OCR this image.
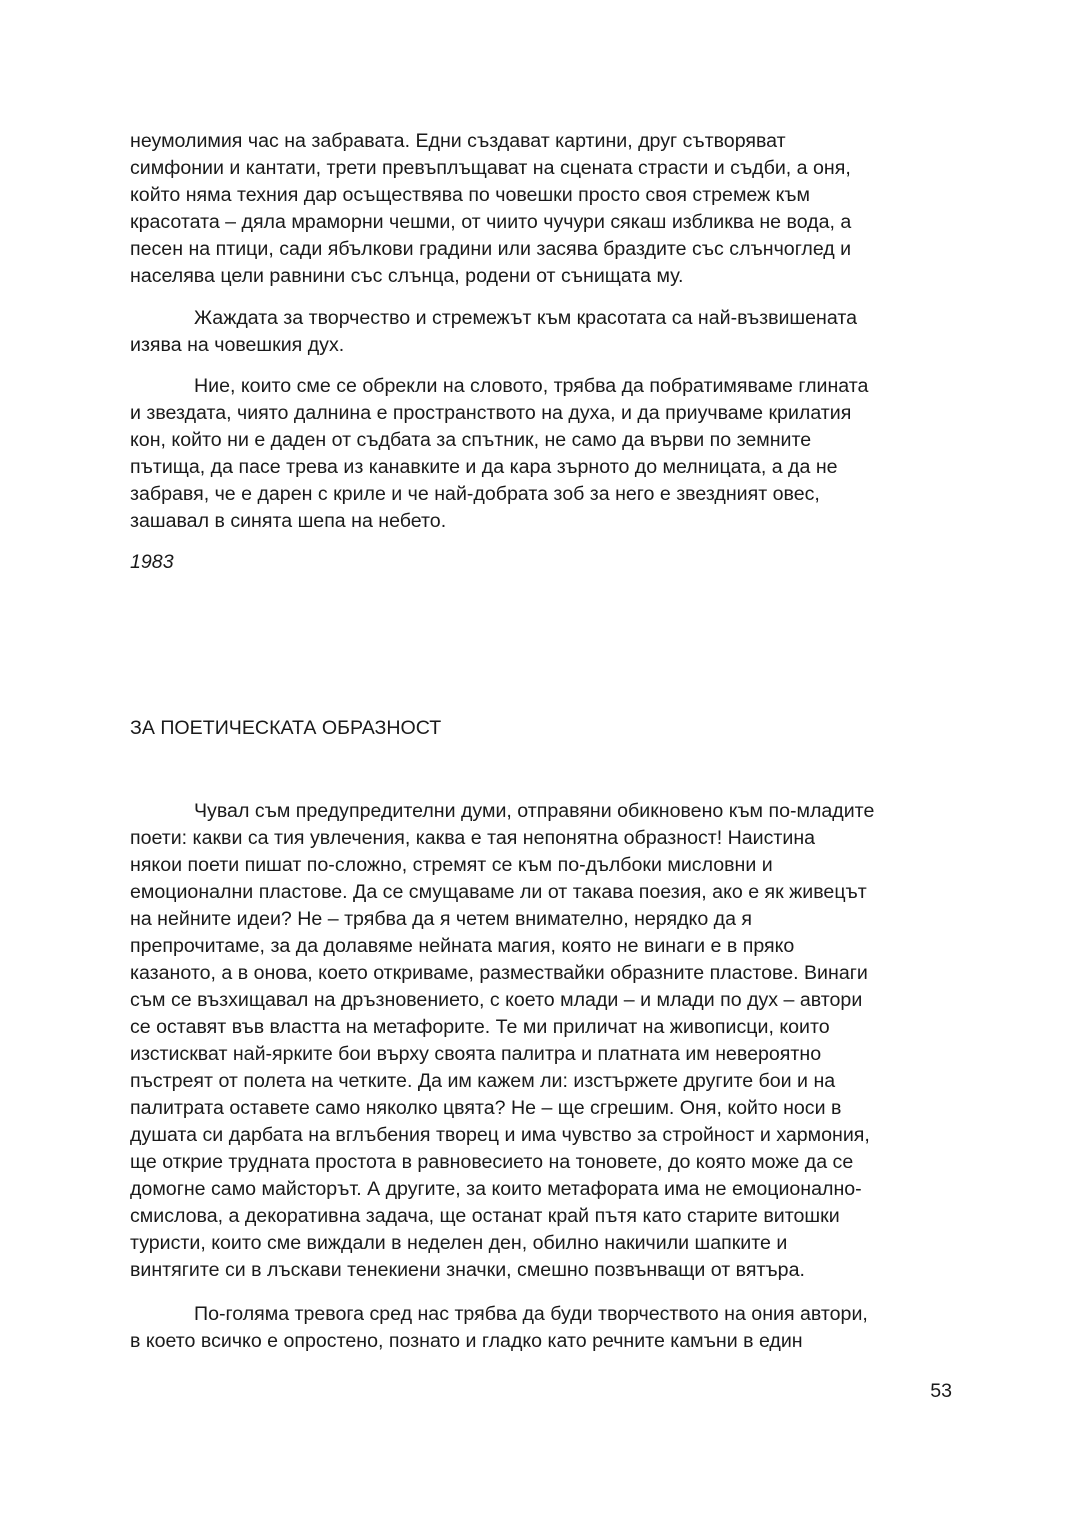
неумолимия час на забравата. Едни създават картини, друг сътворяват
симфонии и кантати, трети превъплъщават на сцената страсти и съдби, а оня,
който няма техния дар осъществява по човешки просто своя стремеж към
красотата – дяла мраморни чешми, от чиито чучури сякаш избликва не вода, а
песен на птици, сади ябълкови градини или засява браздите със слънчоглед и
населява цели равнини със слънца, родени от сънищата му.
Жаждата за творчество и стремежът към красотата са най-възвишената
изява на човешкия дух.
Ние, които сме се обрекли на словото, трябва да побратимяваме глината
и звездата, чиято далнина е пространството на духа, и да приучваме крилатия
кон, който ни е даден от съдбата за спътник, не само да върви по земните
пътища, да пасе трева из канавките и да кара зърното до мелницата, а да не
забравя, че е дарен с криле и че най-добрата зоб за него е звездният овес,
зашавал в синята шепа на небето.
1983
ЗА ПОЕТИЧЕСКАТА ОБРАЗНОСТ
Чувал съм предупредителни думи, отправяни обикновено към по-младите
поети: какви са тия увлечения, каква е тая непонятна образност! Наистина
някои поети пишат по-сложно, стремят се към по-дълбоки мисловни и
емоционални пластове. Да се смущаваме ли от такава поезия, ако е як живецът
на нейните идеи? Не – трябва да я четем внимателно, нерядко да я
препрочитаме, за да долавяме нейната магия, която не винаги е в пряко
казаното, а в онова, което откриваме, размествайки образните пластове. Винаги
съм се възхищавал на дръзновението, с което млади – и млади по дух – автори
се оставят във властта на метафорите. Те ми приличат на живописци, които
изстискват най-ярките бои върху своята палитра и платната им невероятно
пъстреят от полета на четките. Да им кажем ли: изстържете другите бои и на
палитрата оставете само няколко цвята? Не – ще сгрешим. Оня, който носи в
душата си дарбата на вглъбения творец и има чувство за стройност и хармония,
ще открие трудната простота в равновесието на тоновете, до която може да се
домогне само майсторът. А другите, за които метафората има не емоционално-
смислова, а декоративна задача, ще останат край пътя като старите витошки
туристи, които сме виждали в неделен ден, обилно накичили шапките и
винтягите си в лъскави тенекиени значки, смешно позвънващи от вятъра.
По-голяма тревога сред нас трябва да буди творчеството на ония автори,
в което всичко е опростено, познато и гладко като речните камъни в един
53
